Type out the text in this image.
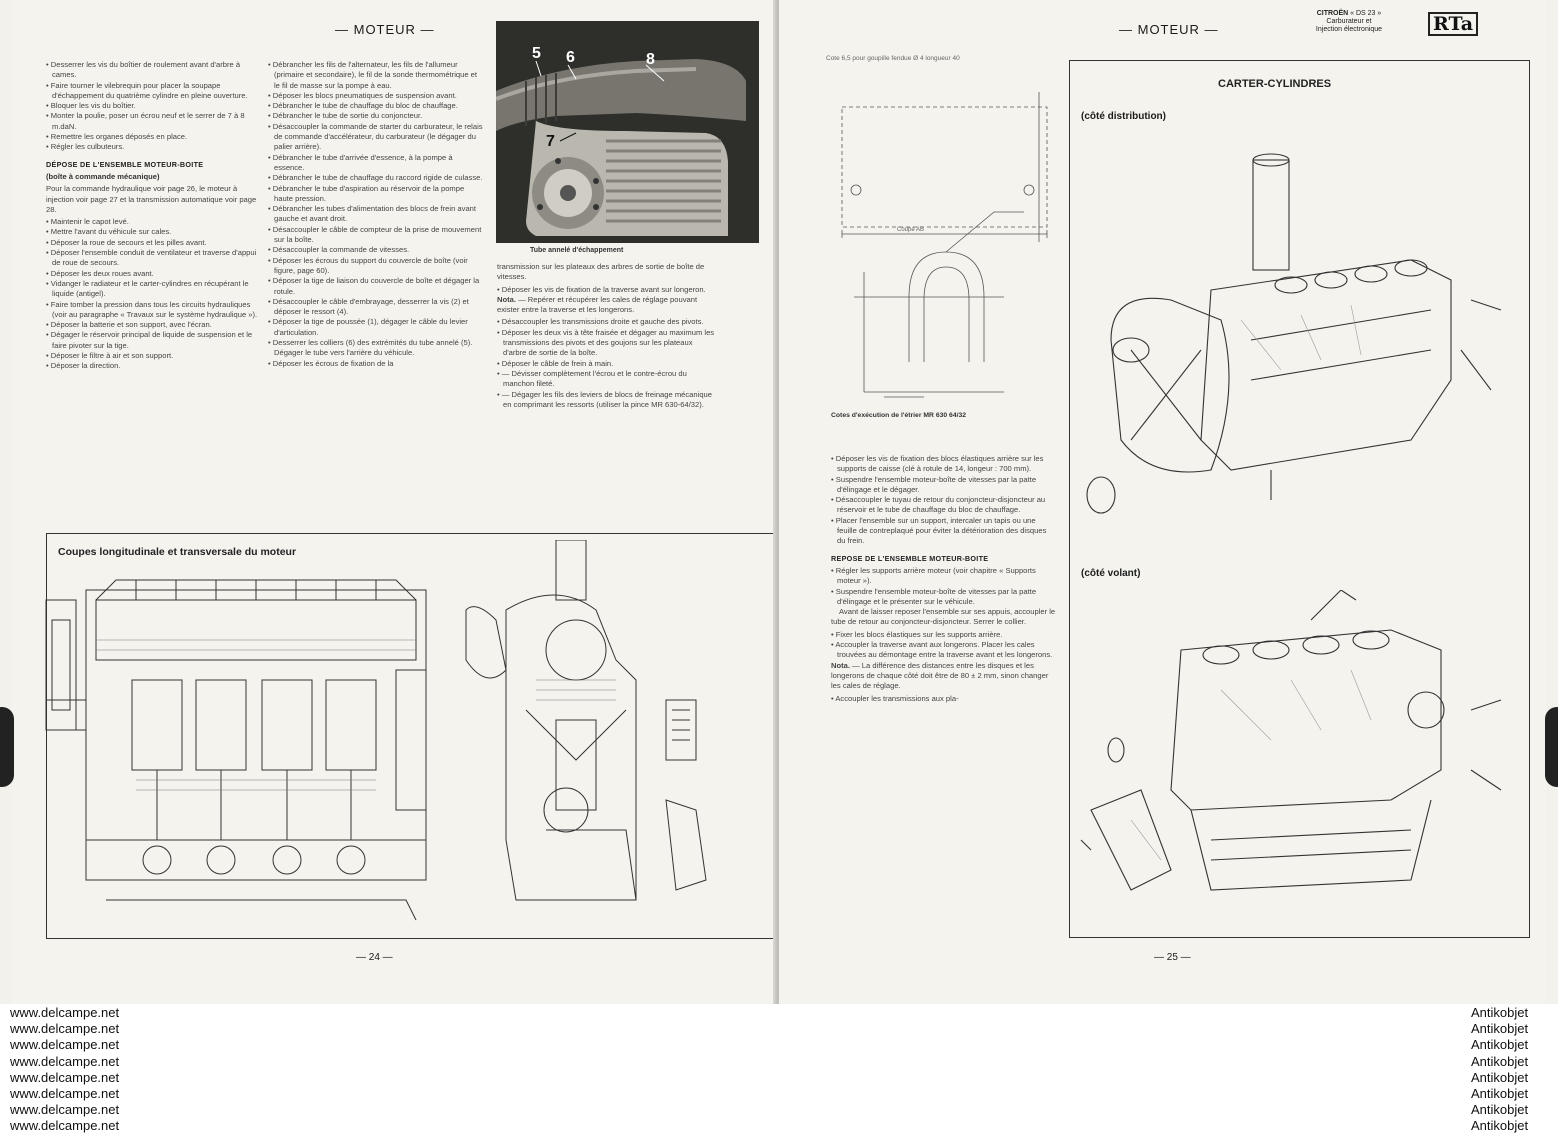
— MOTEUR —

• Desserrer les vis du boîtier de roulement avant d'arbre à cames.

• Faire tourner le vilebrequin pour placer la soupape d'échappement du quatrième cylindre en pleine ouverture.

• Bloquer les vis du boîtier.

• Monter la poulie, poser un écrou neuf et le serrer de 7 à 8 m.daN.

• Remettre les organes déposés en place.

• Régler les culbuteurs.

DÉPOSE DE L'ENSEMBLE MOTEUR-BOITE

(boîte à commande mécanique)

Pour la commande hydraulique voir page 26, le moteur à injection voir page 27 et la transmission automatique voir page 28.

• Maintenir le capot levé.

• Mettre l'avant du véhicule sur cales.

• Déposer la roue de secours et les pilles avant.

• Déposer l'ensemble conduit de ventilateur et traverse d'appui de roue de secours.

• Déposer les deux roues avant.

• Vidanger le radiateur et le carter-cylindres en récupérant le liquide (antigel).

• Faire tomber la pression dans tous les circuits hydrauliques (voir au paragraphe « Travaux sur le système hydraulique »).

• Déposer la batterie et son support, avec l'écran.

• Dégager le réservoir principal de liquide de suspension et le faire pivoter sur la tige.

• Déposer le filtre à air et son support.

• Déposer la direction.

• Débrancher les fils de l'alternateur, les fils de l'allumeur (primaire et secondaire), le fil de la sonde thermométrique et le fil de masse sur la pompe à eau.

• Déposer les blocs pneumatiques de suspension avant.

• Débrancher le tube de chauffage du bloc de chauffage.

• Débrancher le tube de sortie du conjoncteur.

• Désaccoupler la commande de starter du carburateur, le relais de commande d'accélérateur, du carburateur (le dégager du palier arrière).

• Débrancher le tube d'arrivée d'essence, à la pompe à essence.

• Débrancher le tube de chauffage du raccord rigide de culasse.

• Débrancher le tube d'aspiration au réservoir de la pompe haute pression.

• Débrancher les tubes d'alimentation des blocs de frein avant gauche et avant droit.

• Désaccoupler le câble de compteur de la prise de mouvement sur la boîte.

• Désaccoupler la commande de vitesses.

• Déposer les écrous du support du couvercle de boîte (voir figure, page 60).

• Déposer la tige de liaison du couvercle de boîte et dégager la rotule.

• Désaccoupler le câble d'embrayage, desserrer la vis (2) et déposer le ressort (4).

• Déposer la tige de poussée (1), dégager le câble du levier d'articulation.

• Desserrer les colliers (6) des extrémités du tube annelé (5). Dégager le tube vers l'arrière du véhicule.

• Déposer les écrous de fixation de la

5 6	8
7
Tube annelé d'échappement

transmission sur les plateaux des arbres de sortie de boîte de vitesses.

• Déposer les vis de fixation de la traverse avant sur longeron.

Nota. — Repérer et récupérer les cales de réglage pouvant exister entre la traverse et les longerons.

• Désaccoupler les transmissions droite et gauche des pivots.

• Déposer les deux vis à tête fraisée et dégager au maximum les transmissions des pivots et des goujons sur les plateaux d'arbre de sortie de la boîte.

• Déposer le câble de frein à main.

• — Dévisser complètement l'écrou et le contre-écrou du manchon fileté.

• — Dégager les fils des leviers de blocs de freinage mécanique en comprimant les ressorts (utiliser la pince MR 630-64/32).

Coupes longitudinale et transversale du moteur
— 24 —
— MOTEUR —
CITROËN « DS 23 »
Carburateur et
Injection électronique	RTa
Cote 6,5 pour goupille fendue Ø 4 longueur 40
Coupe AB
Cotes d'exécution de l'étrier MR 630 64/32

• Déposer les vis de fixation des blocs élastiques arrière sur les supports de caisse (clé à rotule de 14, longeur : 700 mm).

• Suspendre l'ensemble moteur-boîte de vitesses par la patte d'élingage et le dégager.

• Désaccoupler le tuyau de retour du conjoncteur-disjoncteur au réservoir et le tube de chauffage du bloc de chauffage.

• Placer l'ensemble sur un support, intercaler un tapis ou une feuille de contreplaqué pour éviter la détérioration des disques du frein.

REPOSE DE L'ENSEMBLE MOTEUR-BOITE

• Régler les supports arrière moteur (voir chapitre « Supports moteur »).

• Suspendre l'ensemble moteur-boîte de vitesses par la patte d'élingage et le présenter sur le véhicule.

Avant de laisser reposer l'ensemble sur ses appuis, accoupler le tube de retour au conjoncteur-disjoncteur. Serrer le collier.

• Fixer les blocs élastiques sur les supports arrière.

• Accoupler la traverse avant aux longerons. Placer les cales trouvées au démontage entre la traverse avant et les longerons.

Nota. — La différence des distances entre les disques et les longerons de chaque côté doit être de 80 ± 2 mm, sinon changer les cales de réglage.

• Accoupler les transmissions aux pla-

CARTER-CYLINDRES
(côté distribution)
(côté volant)
— 25 —
www.delcampe.net
www.delcampe.net
www.delcampe.net
www.delcampe.net
www.delcampe.net
www.delcampe.net
www.delcampe.net
www.delcampe.net
Antikobjet
Antikobjet
Antikobjet
Antikobjet
Antikobjet
Antikobjet
Antikobjet
Antikobjet
